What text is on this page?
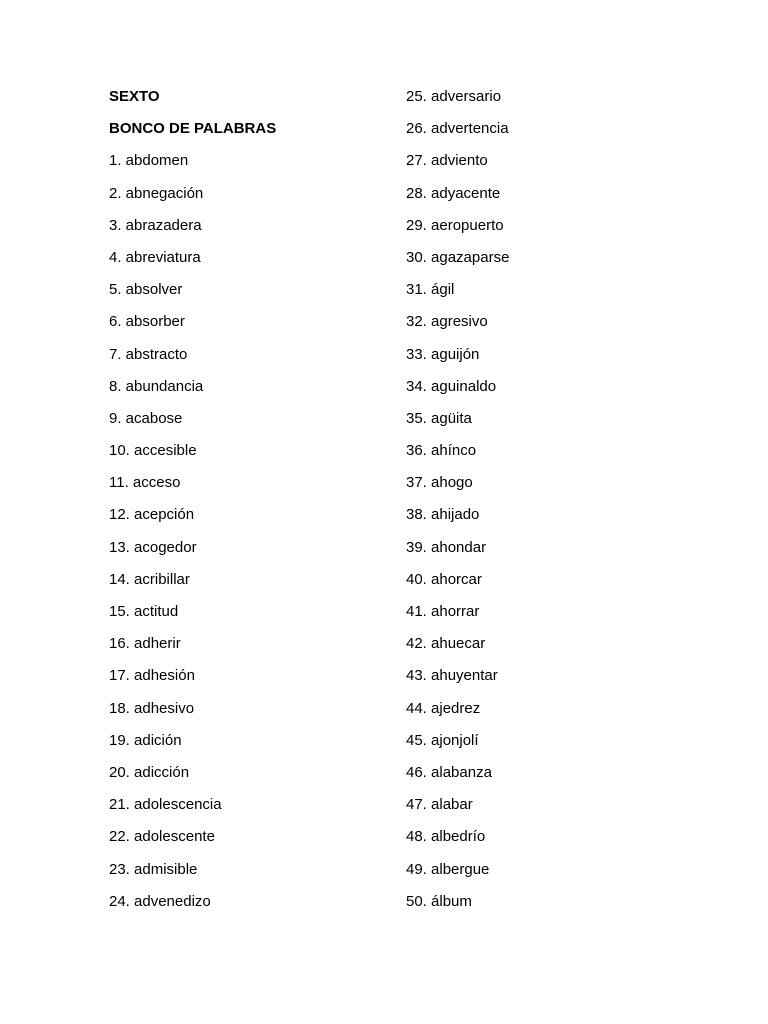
SEXTO
BONCO DE PALABRAS
1. abdomen
2. abnegación
3. abrazadera
4. abreviatura
5. absolver
6. absorber
7. abstracto
8. abundancia
9. acabose
10. accesible
11. acceso
12. acepción
13. acogedor
14. acribillar
15. actitud
16. adherir
17. adhesión
18. adhesivo
19. adición
20. adicción
21. adolescencia
22. adolescente
23. admisible
24. advenedizo
25. adversario
26. advertencia
27. adviento
28. adyacente
29. aeropuerto
30. agazaparse
31. ágil
32. agresivo
33. aguijón
34. aguinaldo
35. agüita
36. ahínco
37. ahogo
38. ahijado
39. ahondar
40. ahorcar
41. ahorrar
42. ahuecar
43. ahuyentar
44. ajedrez
45. ajonjolí
46. alabanza
47. alabar
48. albedrío
49. albergue
50. álbum
